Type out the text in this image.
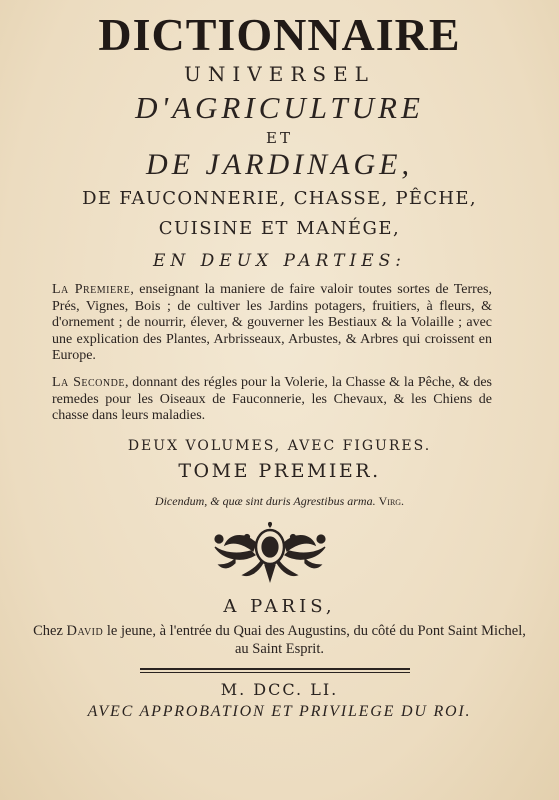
DICTIONNAIRE
UNIVERSEL
D'AGRICULTURE
ET
DE JARDINAGE,
DE FAUCONNERIE, CHASSE, PÊCHE,
CUISINE ET MANÉGE,
EN DEUX PARTIES:
La Premiere, enseignant la maniere de faire valoir toutes sortes de Terres, Prés, Vignes, Bois ; de cultiver les Jardins potagers, fruitiers, à fleurs, & d'ornement ; de nourrir, élever, & gouverner les Bestiaux & la Volaille ; avec une explication des Plantes, Arbrisseaux, Arbustes, & Arbres qui croissent en Europe.
La Seconde, donnant des régles pour la Volerie, la Chasse & la Pêche, & des remedes pour les Oiseaux de Fauconnerie, les Chevaux, & les Chiens de chasse dans leurs maladies.
DEUX VOLUMES, AVEC FIGURES.
TOME PREMIER.
Dicendum, & quæ sint duris Agrestibus arma. Virg.
A PARIS,
Chez David le jeune, à l'entrée du Quai des Augustins, du côté du Pont Saint Michel, au Saint Esprit.
M. DCC. LI.
AVEC APPROBATION ET PRIVILEGE DU ROI.
